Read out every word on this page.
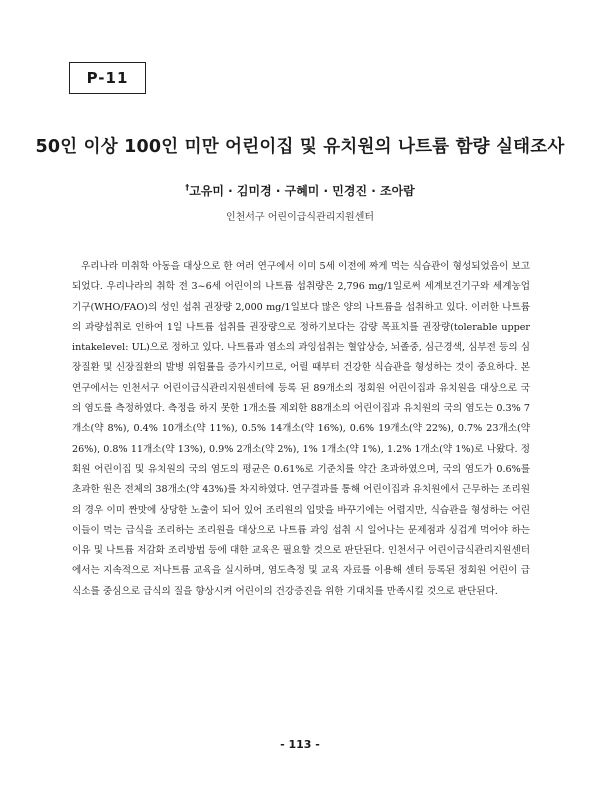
P-11
50인 이상 100인 미만 어린이집 및 유치원의 나트륨 함량 실태조사
†고유미 · 김미경 · 구혜미 · 민경진 · 조아람
인천서구 어린이급식관리지원센터

우리나라 미취학 아동을 대상으로 한 여러 연구에서 이미 5세 이전에 짜게 먹는 식습관이 형성되었음이 보고되었다. 우리나라의 취학 전 3~6세 어린이의 나트륨 섭취량은 2,796 mg/1일로써 세계보건기구와 세계농업기구(WHO/FAO)의 성인 섭취 권장량 2,000 mg/1일보다 많은 양의 나트륨을 섭취하고 있다. 이러한 나트륨의 과량섭취로 인하여 1일 나트륨 섭취를 권장량으로 정하기보다는 감량 목표치를 권장량(tolerable upper intakelevel: UL)으로 정하고 있다. 나트륨과 염소의 과잉섭취는 혈압상승, 뇌졸중, 심근경색, 심부전 등의 심장질환 및 신장질환의 발병 위험률을 증가시키므로, 어릴 때부터 건강한 식습관을 형성하는 것이 중요하다. 본 연구에서는 인천서구 어린이급식관리지원센터에 등록 된 89개소의 정회원 어린이집과 유치원을 대상으로 국의 염도를 측정하였다. 측정을 하지 못한 1개소를 제외한 88개소의 어린이집과 유치원의 국의 염도는 0.3% 7개소(약 8%), 0.4% 10개소(약 11%), 0.5% 14개소(약 16%), 0.6% 19개소(약 22%), 0.7% 23개소(약 26%), 0.8% 11개소(약 13%), 0.9% 2개소(약 2%), 1% 1개소(약 1%), 1.2% 1개소(약 1%)로 나왔다. 정회원 어린이집 및 유치원의 국의 염도의 평균은 0.61%로 기준치를 약간 초과하였으며, 국의 염도가 0.6%를 초과한 원은 전체의 38개소(약 43%)를 차지하였다. 연구결과를 통해 어린이집과 유치원에서 근무하는 조리원의 경우 이미 짠맛에 상당한 노출이 되어 있어 조리원의 입맛을 바꾸기에는 어렵지만, 식습관을 형성하는 어린이들이 먹는 급식을 조리하는 조리원을 대상으로 나트륨 과잉 섭취 시 일어나는 문제점과 싱겁게 먹어야 하는 이유 및 나트륨 저감화 조리방법 등에 대한 교육은 필요할 것으로 판단된다. 인천서구 어린이급식관리지원센터에서는 지속적으로 저나트륨 교육을 실시하며, 염도측정 및 교육 자료를 이용해 센터 등록된 정회원 어린이 급식소를 중심으로 급식의 질을 향상시켜 어린이의 건강증진을 위한 기대치를 만족시킬 것으로 판단된다.

- 113 -
